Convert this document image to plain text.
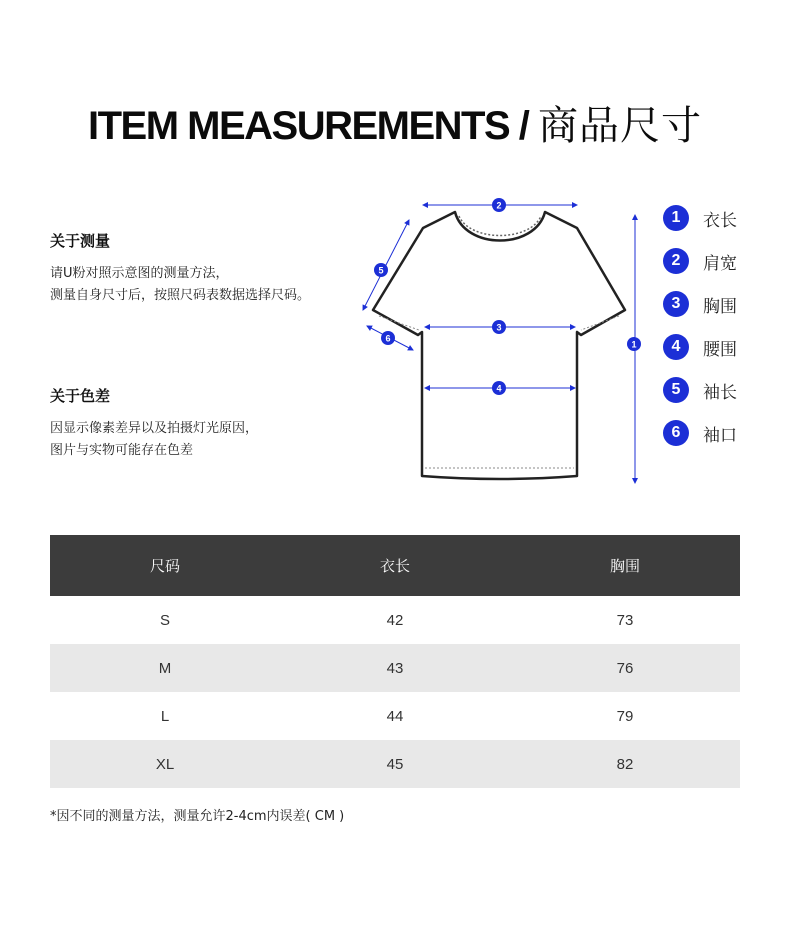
ITEM MEASUREMENTS / 商品尺寸
关于测量
请U粉对照示意图的测量方法，
测量自身尺寸后，按照尺码表数据选择尺码。
关于色差
因显示像素差异以及拍摄灯光原因，
图片与实物可能存在色差
1
2
3
4
5
6
1	衣长
2	肩宽
3	胸围
4	腰围
5	袖长
6	袖口
尺码	衣长	胸围
S	42	73
M	43	76
L	44	79
XL	45	82
*因不同的测量方法，测量允许2-4cm内误差( CM )
